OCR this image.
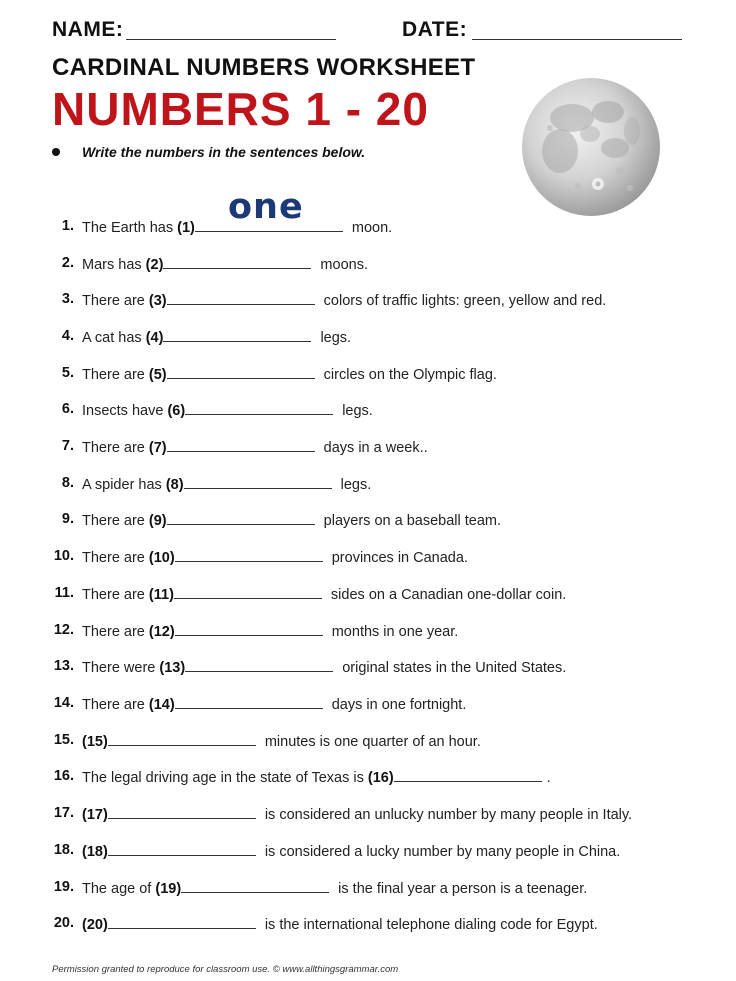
NAME:	DATE:
CARDINAL NUMBERS WORKSHEET
NUMBERS 1 - 20
Write the numbers in the sentences below.
one
1. The Earth has (1)	moon.
2. Mars has (2)	moons.
3. There are (3)	colors of traffic lights: green, yellow and red.
4. A cat has (4)	legs.
5. There are (5)	circles on the Olympic flag.
6. Insects have (6)	legs.
7. There are (7)	days in a week..
8. A spider has (8)	legs.
9. There are (9)	players on a baseball team.
10. There are (10)	provinces in Canada.
11. There are (11)	sides on a Canadian one-dollar coin.
12. There are (12)	months in one year.
13. There were (13)	original states in the United States.
14. There are (14)	days in one fortnight.
15. (15)	minutes is one quarter of an hour.
16. The legal driving age in the state of Texas is (16)	.
17. (17)	is considered an unlucky number by many people in Italy.
18. (18)	is considered a lucky number by many people in China.
19. The age of (19)	is the final year a person is a teenager.
20. (20)	is the international telephone dialing code for Egypt.
Permission granted to reproduce for classroom use. © www.allthingsgrammar.com
